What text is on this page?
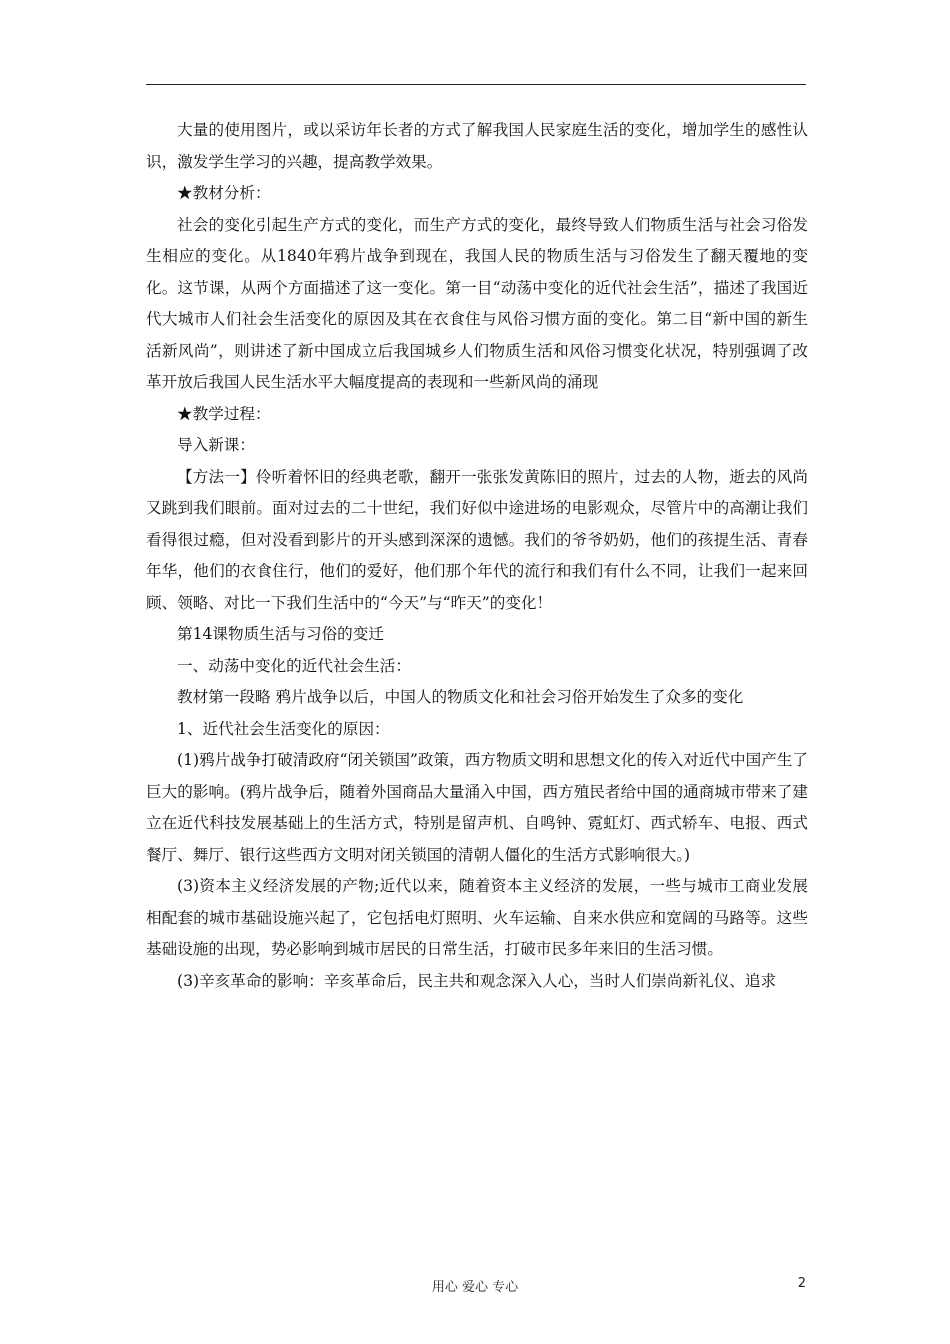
大量的使用图片，或以采访年长者的方式了解我国人民家庭生活的变化，增加学生的感性认识，激发学生学习的兴趣，提高教学效果。

★教材分析：

社会的变化引起生产方式的变化，而生产方式的变化，最终导致人们物质生活与社会习俗发生相应的变化。从1840年鸦片战争到现在，我国人民的物质生活与习俗发生了翻天覆地的变化。这节课，从两个方面描述了这一变化。第一目“动荡中变化的近代社会生活”，描述了我国近代大城市人们社会生活变化的原因及其在衣食住与风俗习惯方面的变化。第二目“新中国的新生活新风尚”，则讲述了新中国成立后我国城乡人们物质生活和风俗习惯变化状况，特别强调了改革开放后我国人民生活水平大幅度提高的表现和一些新风尚的涌现

★教学过程：

导入新课：

【方法一】伶听着怀旧的经典老歌，翻开一张张发黄陈旧的照片，过去的人物，逝去的风尚又跳到我们眼前。面对过去的二十世纪，我们好似中途进场的电影观众，尽管片中的高潮让我们看得很过瘾，但对没看到影片的开头感到深深的遗憾。我们的爷爷奶奶，他们的孩提生活、青春年华，他们的衣食住行，他们的爱好，他们那个年代的流行和我们有什么不同，让我们一起来回顾、领略、对比一下我们生活中的“今天”与“昨天”的变化！

第14课物质生活与习俗的变迁

一、动荡中变化的近代社会生活：

教材第一段略 鸦片战争以后，中国人的物质文化和社会习俗开始发生了众多的变化

1、近代社会生活变化的原因：

(1)鸦片战争打破清政府“闭关锁国”政策，西方物质文明和思想文化的传入对近代中国产生了巨大的影响。(鸦片战争后，随着外国商品大量涌入中国，西方殖民者给中国的通商城市带来了建立在近代科技发展基础上的生活方式，特别是留声机、自鸣钟、霓虹灯、西式轿车、电报、西式餐厅、舞厅、银行这些西方文明对闭关锁国的清朝人僵化的生活方式影响很大。)

(3)资本主义经济发展的产物;近代以来，随着资本主义经济的发展，一些与城市工商业发展相配套的城市基础设施兴起了，它包括电灯照明、火车运输、自来水供应和宽阔的马路等。这些基础设施的出现，势必影响到城市居民的日常生活，打破市民多年来旧的生活习惯。

(3)辛亥革命的影响：辛亥革命后，民主共和观念深入人心，当时人们崇尚新礼仪、追求

用心 爱心 专心	2
